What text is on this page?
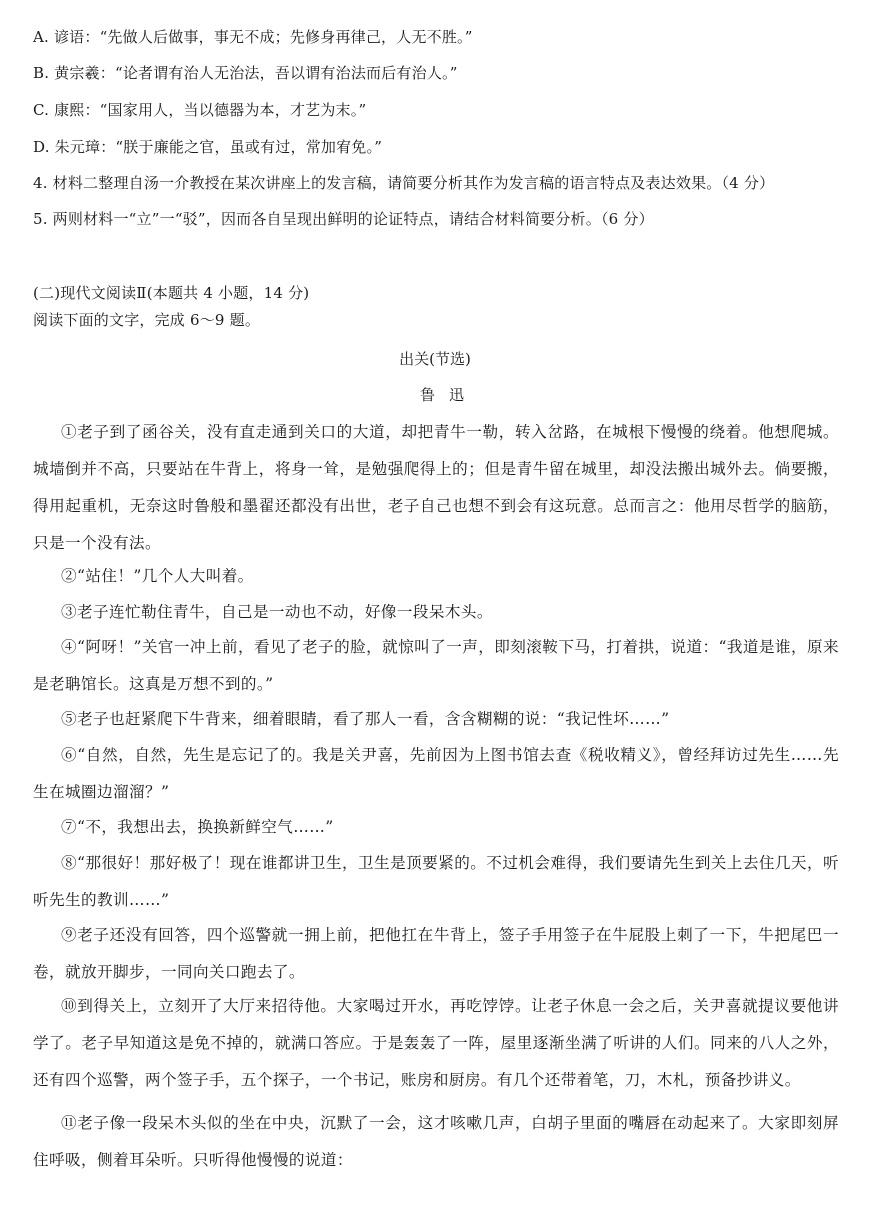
A. 谚语：“先做人后做事，事无不成；先修身再律己，人无不胜。”
B. 黄宗羲：“论者谓有治人无治法，吾以谓有治法而后有治人。”
C. 康熙：“国家用人，当以德器为本，才艺为末。”
D. 朱元璋：“朕于廉能之官，虽或有过，常加宥免。”
4. 材料二整理自汤一介教授在某次讲座上的发言稿，请简要分析其作为发言稿的语言特点及表达效果。（4 分）
5. 两则材料一“立”一“驳”，因而各自呈现出鲜明的论证特点，请结合材料简要分析。（6 分）
(二)现代文阅读Ⅱ(本题共 4 小题，14 分)
阅读下面的文字，完成 6～9 题。
出关(节选)
鲁迅
①老子到了函谷关，没有直走通到关口的大道，却把青牛一勒，转入岔路，在城根下慢慢的绕着。他想爬城。城墙倒并不高，只要站在牛背上，将身一耸，是勉强爬得上的；但是青牛留在城里，却没法搬出城外去。倘要搬，得用起重机，无奈这时鲁般和墨翟还都没有出世，老子自己也想不到会有这玩意。总而言之：他用尽哲学的脑筋，只是一个没有法。
②“站住！”几个人大叫着。
③老子连忙勒住青牛，自己是一动也不动，好像一段呆木头。
④“阿呀！”关官一冲上前，看见了老子的脸，就惊叫了一声，即刻滚鞍下马，打着拱，说道：“我道是谁，原来是老聃馆长。这真是万想不到的。”
⑤老子也赶紧爬下牛背来，细着眼睛，看了那人一看，含含糊糊的说：“我记性坏……”
⑥“自然，自然，先生是忘记了的。我是关尹喜，先前因为上图书馆去查《税收精义》，曾经拜访过先生……先生在城圈边溜溜？”
⑦“不，我想出去，换换新鲜空气……”
⑧“那很好！那好极了！现在谁都讲卫生，卫生是顶要紧的。不过机会难得，我们要请先生到关上去住几天，听听先生的教训……”
⑨老子还没有回答，四个巡警就一拥上前，把他扛在牛背上，签子手用签子在牛屁股上刺了一下，牛把尾巴一卷，就放开脚步，一同向关口跑去了。
⑩到得关上，立刻开了大厅来招待他。大家喝过开水，再吃饽饽。让老子休息一会之后，关尹喜就提议要他讲学了。老子早知道这是免不掉的，就满口答应。于是轰轰了一阵，屋里逐渐坐满了听讲的人们。同来的八人之外，还有四个巡警，两个签子手，五个探子，一个书记，账房和厨房。有几个还带着笔，刀，木札，预备抄讲义。
⑪老子像一段呆木头似的坐在中央，沉默了一会，这才咳嗽几声，白胡子里面的嘴唇在动起来了。大家即刻屏住呼吸，侧着耳朵听。只听得他慢慢的说道：
